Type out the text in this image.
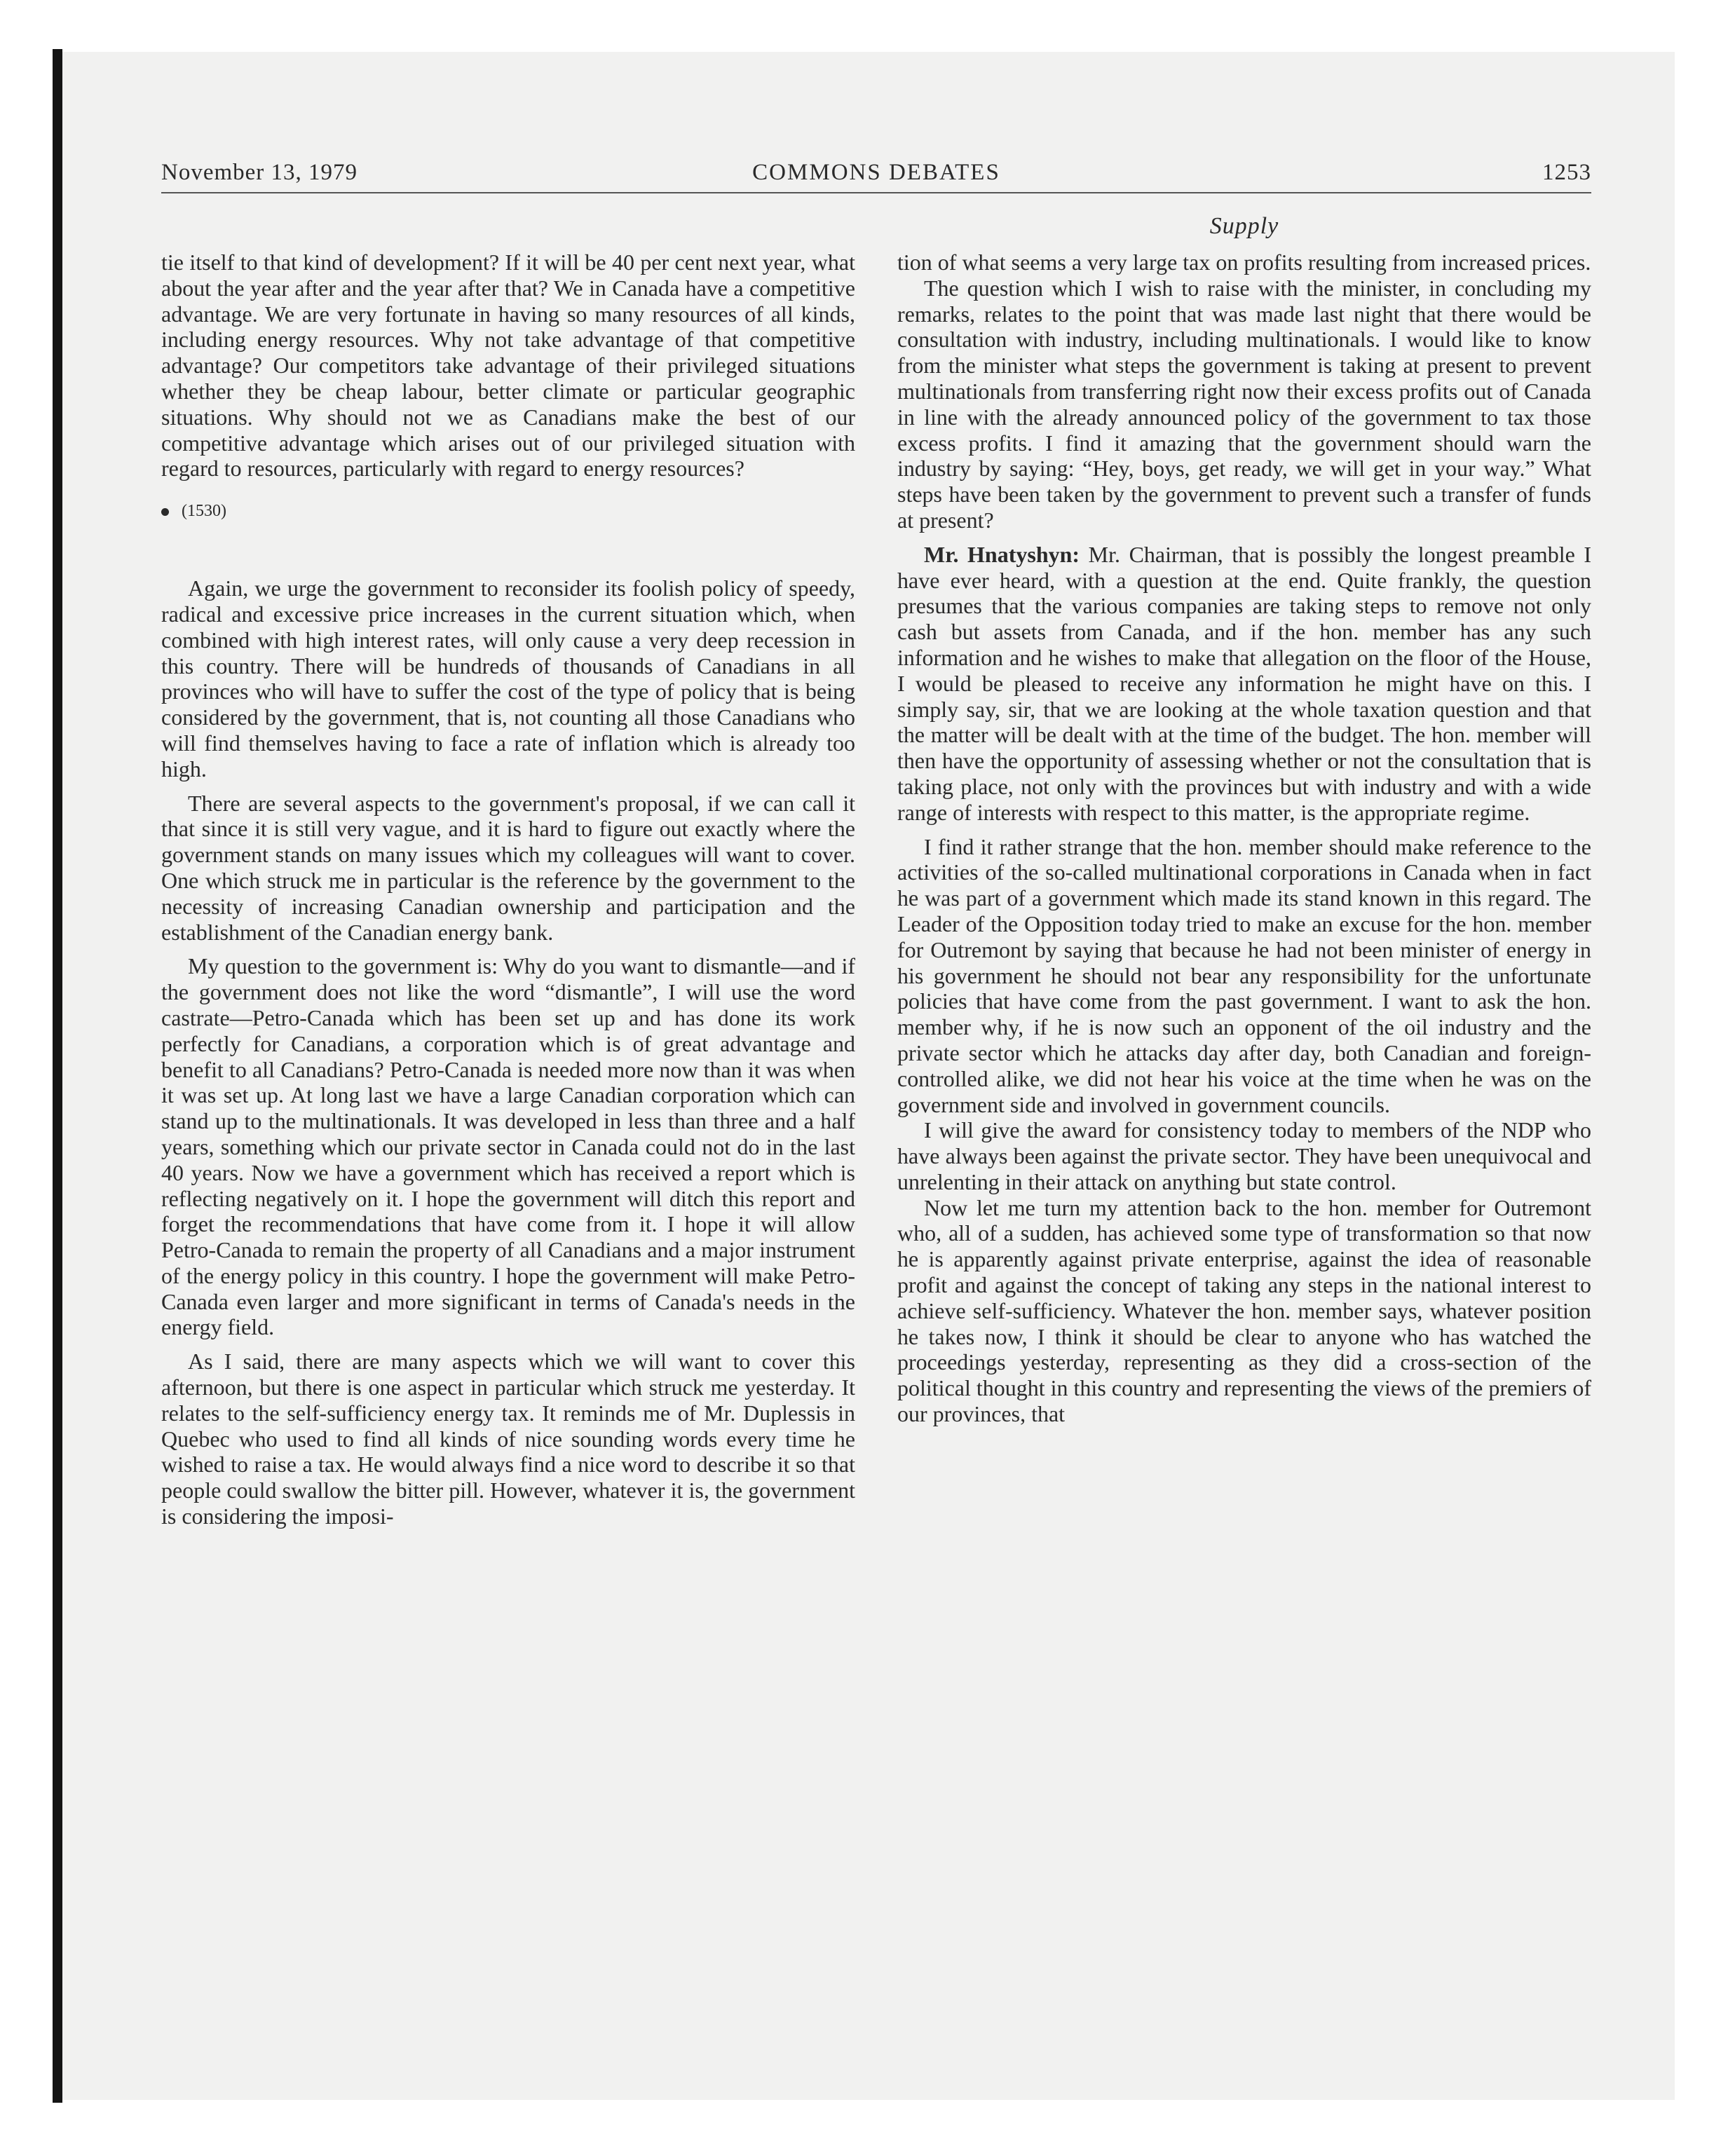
November 13, 1979	COMMONS DEBATES	1253
Supply

tie itself to that kind of development? If it will be 40 per cent next year, what about the year after and the year after that? We in Canada have a competitive advantage. We are very fortunate in having so many resources of all kinds, including energy resources. Why not take advantage of that competitive advantage? Our competitors take advantage of their privileged situations whether they be cheap labour, better climate or particular geographic situations. Why should not we as Canadians make the best of our competitive advantage which arises out of our privileged situation with regard to resources, particularly with regard to energy resources?

(1530)

Again, we urge the government to reconsider its foolish policy of speedy, radical and excessive price increases in the current situation which, when combined with high interest rates, will only cause a very deep recession in this country. There will be hundreds of thousands of Canadians in all provinces who will have to suffer the cost of the type of policy that is being considered by the government, that is, not counting all those Canadians who will find themselves having to face a rate of inflation which is already too high.

There are several aspects to the government's proposal, if we can call it that since it is still very vague, and it is hard to figure out exactly where the government stands on many issues which my colleagues will want to cover. One which struck me in particular is the reference by the government to the necessity of increasing Canadian ownership and participation and the establishment of the Canadian energy bank.

My question to the government is: Why do you want to dismantle—and if the government does not like the word “dismantle”, I will use the word castrate—Petro-Canada which has been set up and has done its work perfectly for Canadians, a corporation which is of great advantage and benefit to all Canadians? Petro-Canada is needed more now than it was when it was set up. At long last we have a large Canadian corporation which can stand up to the multinationals. It was developed in less than three and a half years, something which our private sector in Canada could not do in the last 40 years. Now we have a government which has received a report which is reflecting negatively on it. I hope the government will ditch this report and forget the recommendations that have come from it. I hope it will allow Petro-Canada to remain the property of all Canadians and a major instrument of the energy policy in this country. I hope the government will make Petro-Canada even larger and more significant in terms of Canada's needs in the energy field.

As I said, there are many aspects which we will want to cover this afternoon, but there is one aspect in particular which struck me yesterday. It relates to the self-sufficiency energy tax. It reminds me of Mr. Duplessis in Quebec who used to find all kinds of nice sounding words every time he wished to raise a tax. He would always find a nice word to describe it so that people could swallow the bitter pill. However, whatever it is, the government is considering the imposi-

tion of what seems a very large tax on profits resulting from increased prices.

The question which I wish to raise with the minister, in concluding my remarks, relates to the point that was made last night that there would be consultation with industry, including multinationals. I would like to know from the minister what steps the government is taking at present to prevent multinationals from transferring right now their excess profits out of Canada in line with the already announced policy of the government to tax those excess profits. I find it amazing that the government should warn the industry by saying: “Hey, boys, get ready, we will get in your way.” What steps have been taken by the government to prevent such a transfer of funds at present?

Mr. Hnatyshyn: Mr. Chairman, that is possibly the longest preamble I have ever heard, with a question at the end. Quite frankly, the question presumes that the various companies are taking steps to remove not only cash but assets from Canada, and if the hon. member has any such information and he wishes to make that allegation on the floor of the House, I would be pleased to receive any information he might have on this. I simply say, sir, that we are looking at the whole taxation question and that the matter will be dealt with at the time of the budget. The hon. member will then have the opportunity of assessing whether or not the consultation that is taking place, not only with the provinces but with industry and with a wide range of interests with respect to this matter, is the appropriate regime.

I find it rather strange that the hon. member should make reference to the activities of the so-called multinational corporations in Canada when in fact he was part of a government which made its stand known in this regard. The Leader of the Opposition today tried to make an excuse for the hon. member for Outremont by saying that because he had not been minister of energy in his government he should not bear any responsibility for the unfortunate policies that have come from the past government. I want to ask the hon. member why, if he is now such an opponent of the oil industry and the private sector which he attacks day after day, both Canadian and foreign-controlled alike, we did not hear his voice at the time when he was on the government side and involved in government councils.

I will give the award for consistency today to members of the NDP who have always been against the private sector. They have been unequivocal and unrelenting in their attack on anything but state control.

Now let me turn my attention back to the hon. member for Outremont who, all of a sudden, has achieved some type of transformation so that now he is apparently against private enterprise, against the idea of reasonable profit and against the concept of taking any steps in the national interest to achieve self-sufficiency. Whatever the hon. member says, whatever position he takes now, I think it should be clear to anyone who has watched the proceedings yesterday, representing as they did a cross-section of the political thought in this country and representing the views of the premiers of our provinces, that
